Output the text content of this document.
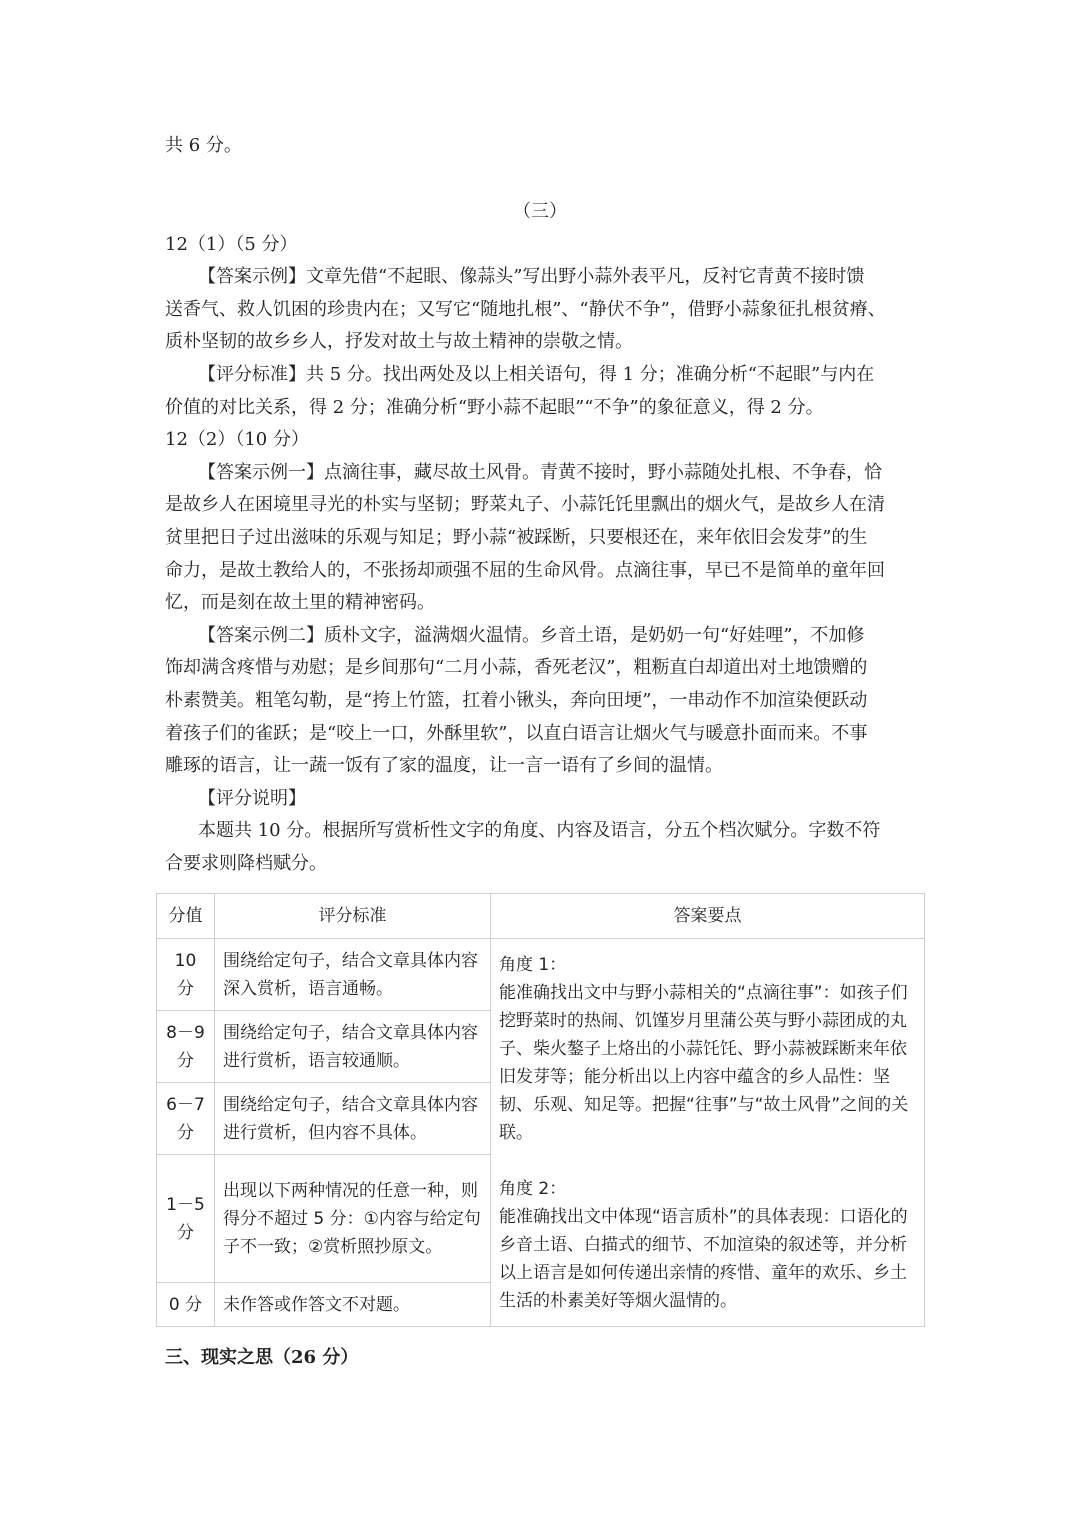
共 6 分。
（三）
12（1）（5 分）
【答案示例】文章先借“不起眼、像蒜头”写出野小蒜外表平凡，反衬它青黄不接时馈
送香气、救人饥困的珍贵内在；又写它“随地扎根”、“静伏不争”，借野小蒜象征扎根贫瘠、
质朴坚韧的故乡乡人，抒发对故土与故土精神的崇敬之情。
【评分标准】共 5 分。找出两处及以上相关语句，得 1 分；准确分析“不起眼”与内在
价值的对比关系，得 2 分；准确分析“野小蒜不起眼”“不争”的象征意义，得 2 分。
12（2）（10 分）
【答案示例一】点滴往事，藏尽故土风骨。青黄不接时，野小蒜随处扎根、不争春，恰
是故乡人在困境里寻光的朴实与坚韧；野菜丸子、小蒜饦饦里飘出的烟火气，是故乡人在清
贫里把日子过出滋味的乐观与知足；野小蒜“被踩断，只要根还在，来年依旧会发芽”的生
命力，是故土教给人的，不张扬却顽强不屈的生命风骨。点滴往事，早已不是简单的童年回
忆，而是刻在故土里的精神密码。
【答案示例二】质朴文字，溢满烟火温情。乡音土语，是奶奶一句“好娃哩”，不加修
饰却满含疼惜与劝慰；是乡间那句“二月小蒜，香死老汉”，粗粝直白却道出对土地馈赠的
朴素赞美。粗笔勾勒，是“挎上竹篮，扛着小锹头，奔向田埂”，一串动作不加渲染便跃动
着孩子们的雀跃；是“咬上一口，外酥里软”，以直白语言让烟火气与暖意扑面而来。不事
雕琢的语言，让一蔬一饭有了家的温度，让一言一语有了乡间的温情。
【评分说明】
本题共 10 分。根据所写赏析性文字的角度、内容及语言，分五个档次赋分。字数不符
合要求则降档赋分。
分值	评分标准	答案要点
10 分	围绕给定句子，结合文章具体内容深入赏析，语言通畅。	角度 1：
能准确找出文中与野小蒜相关的“点滴往事”：如孩子们挖野菜时的热闹、饥馑岁月里蒲公英与野小蒜团成的丸子、柴火鏊子上烙出的小蒜饦饦、野小蒜被踩断来年依旧发芽等；能分析出以上内容中蕴含的乡人品性：坚韧、乐观、知足等。把握“往事”与“故土风骨”之间的关联。
角度 2：
能准确找出文中体现“语言质朴”的具体表现：口语化的乡音土语、白描式的细节、不加渲染的叙述等，并分析以上语言是如何传递出亲情的疼惜、童年的欢乐、乡土生活的朴素美好等烟火温情的。

8－9 分	围绕给定句子，结合文章具体内容进行赏析，语言较通顺。	
6－7 分	围绕给定句子，结合文章具体内容进行赏析，但内容不具体。	
1－5 分	出现以下两种情况的任意一种，则得分不超过 5 分：①内容与给定句子不一致；②赏析照抄原文。	
0 分	未作答或作答文不对题。	
三、现实之思（26 分）
